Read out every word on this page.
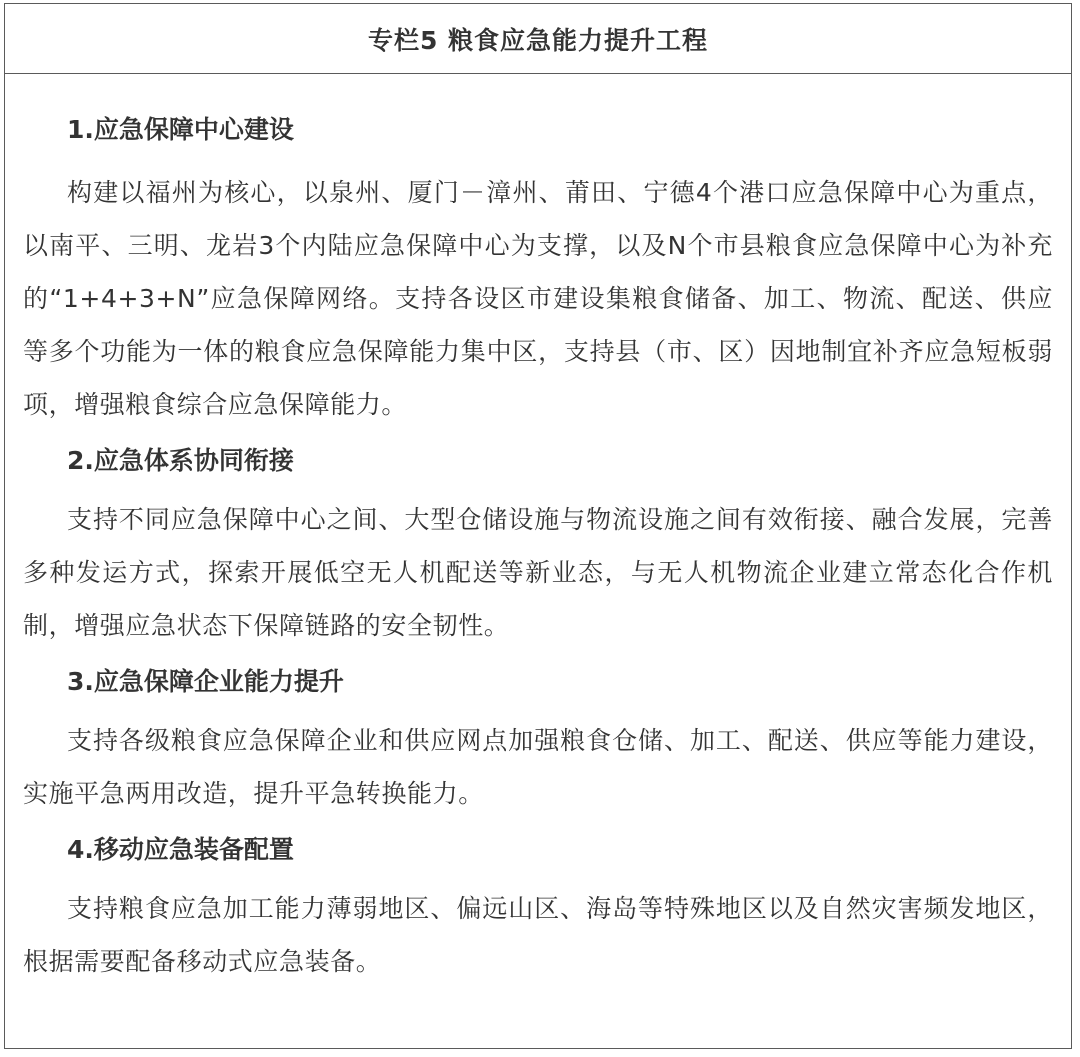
专栏5 粮食应急能力提升工程

1.应急保障中心建设

构建以福州为核心，以泉州、厦门－漳州、莆田、宁德4个港口应急保障中心为重点，以南平、三明、龙岩3个内陆应急保障中心为支撑，以及N个市县粮食应急保障中心为补充的“1+4+3+N”应急保障网络。支持各设区市建设集粮食储备、加工、物流、配送、供应等多个功能为一体的粮食应急保障能力集中区，支持县（市、区）因地制宜补齐应急短板弱项，增强粮食综合应急保障能力。

2.应急体系协同衔接

支持不同应急保障中心之间、大型仓储设施与物流设施之间有效衔接、融合发展，完善多种发运方式，探索开展低空无人机配送等新业态，与无人机物流企业建立常态化合作机制，增强应急状态下保障链路的安全韧性。

3.应急保障企业能力提升

支持各级粮食应急保障企业和供应网点加强粮食仓储、加工、配送、供应等能力建设，实施平急两用改造，提升平急转换能力。

4.移动应急装备配置

支持粮食应急加工能力薄弱地区、偏远山区、海岛等特殊地区以及自然灾害频发地区，根据需要配备移动式应急装备。
